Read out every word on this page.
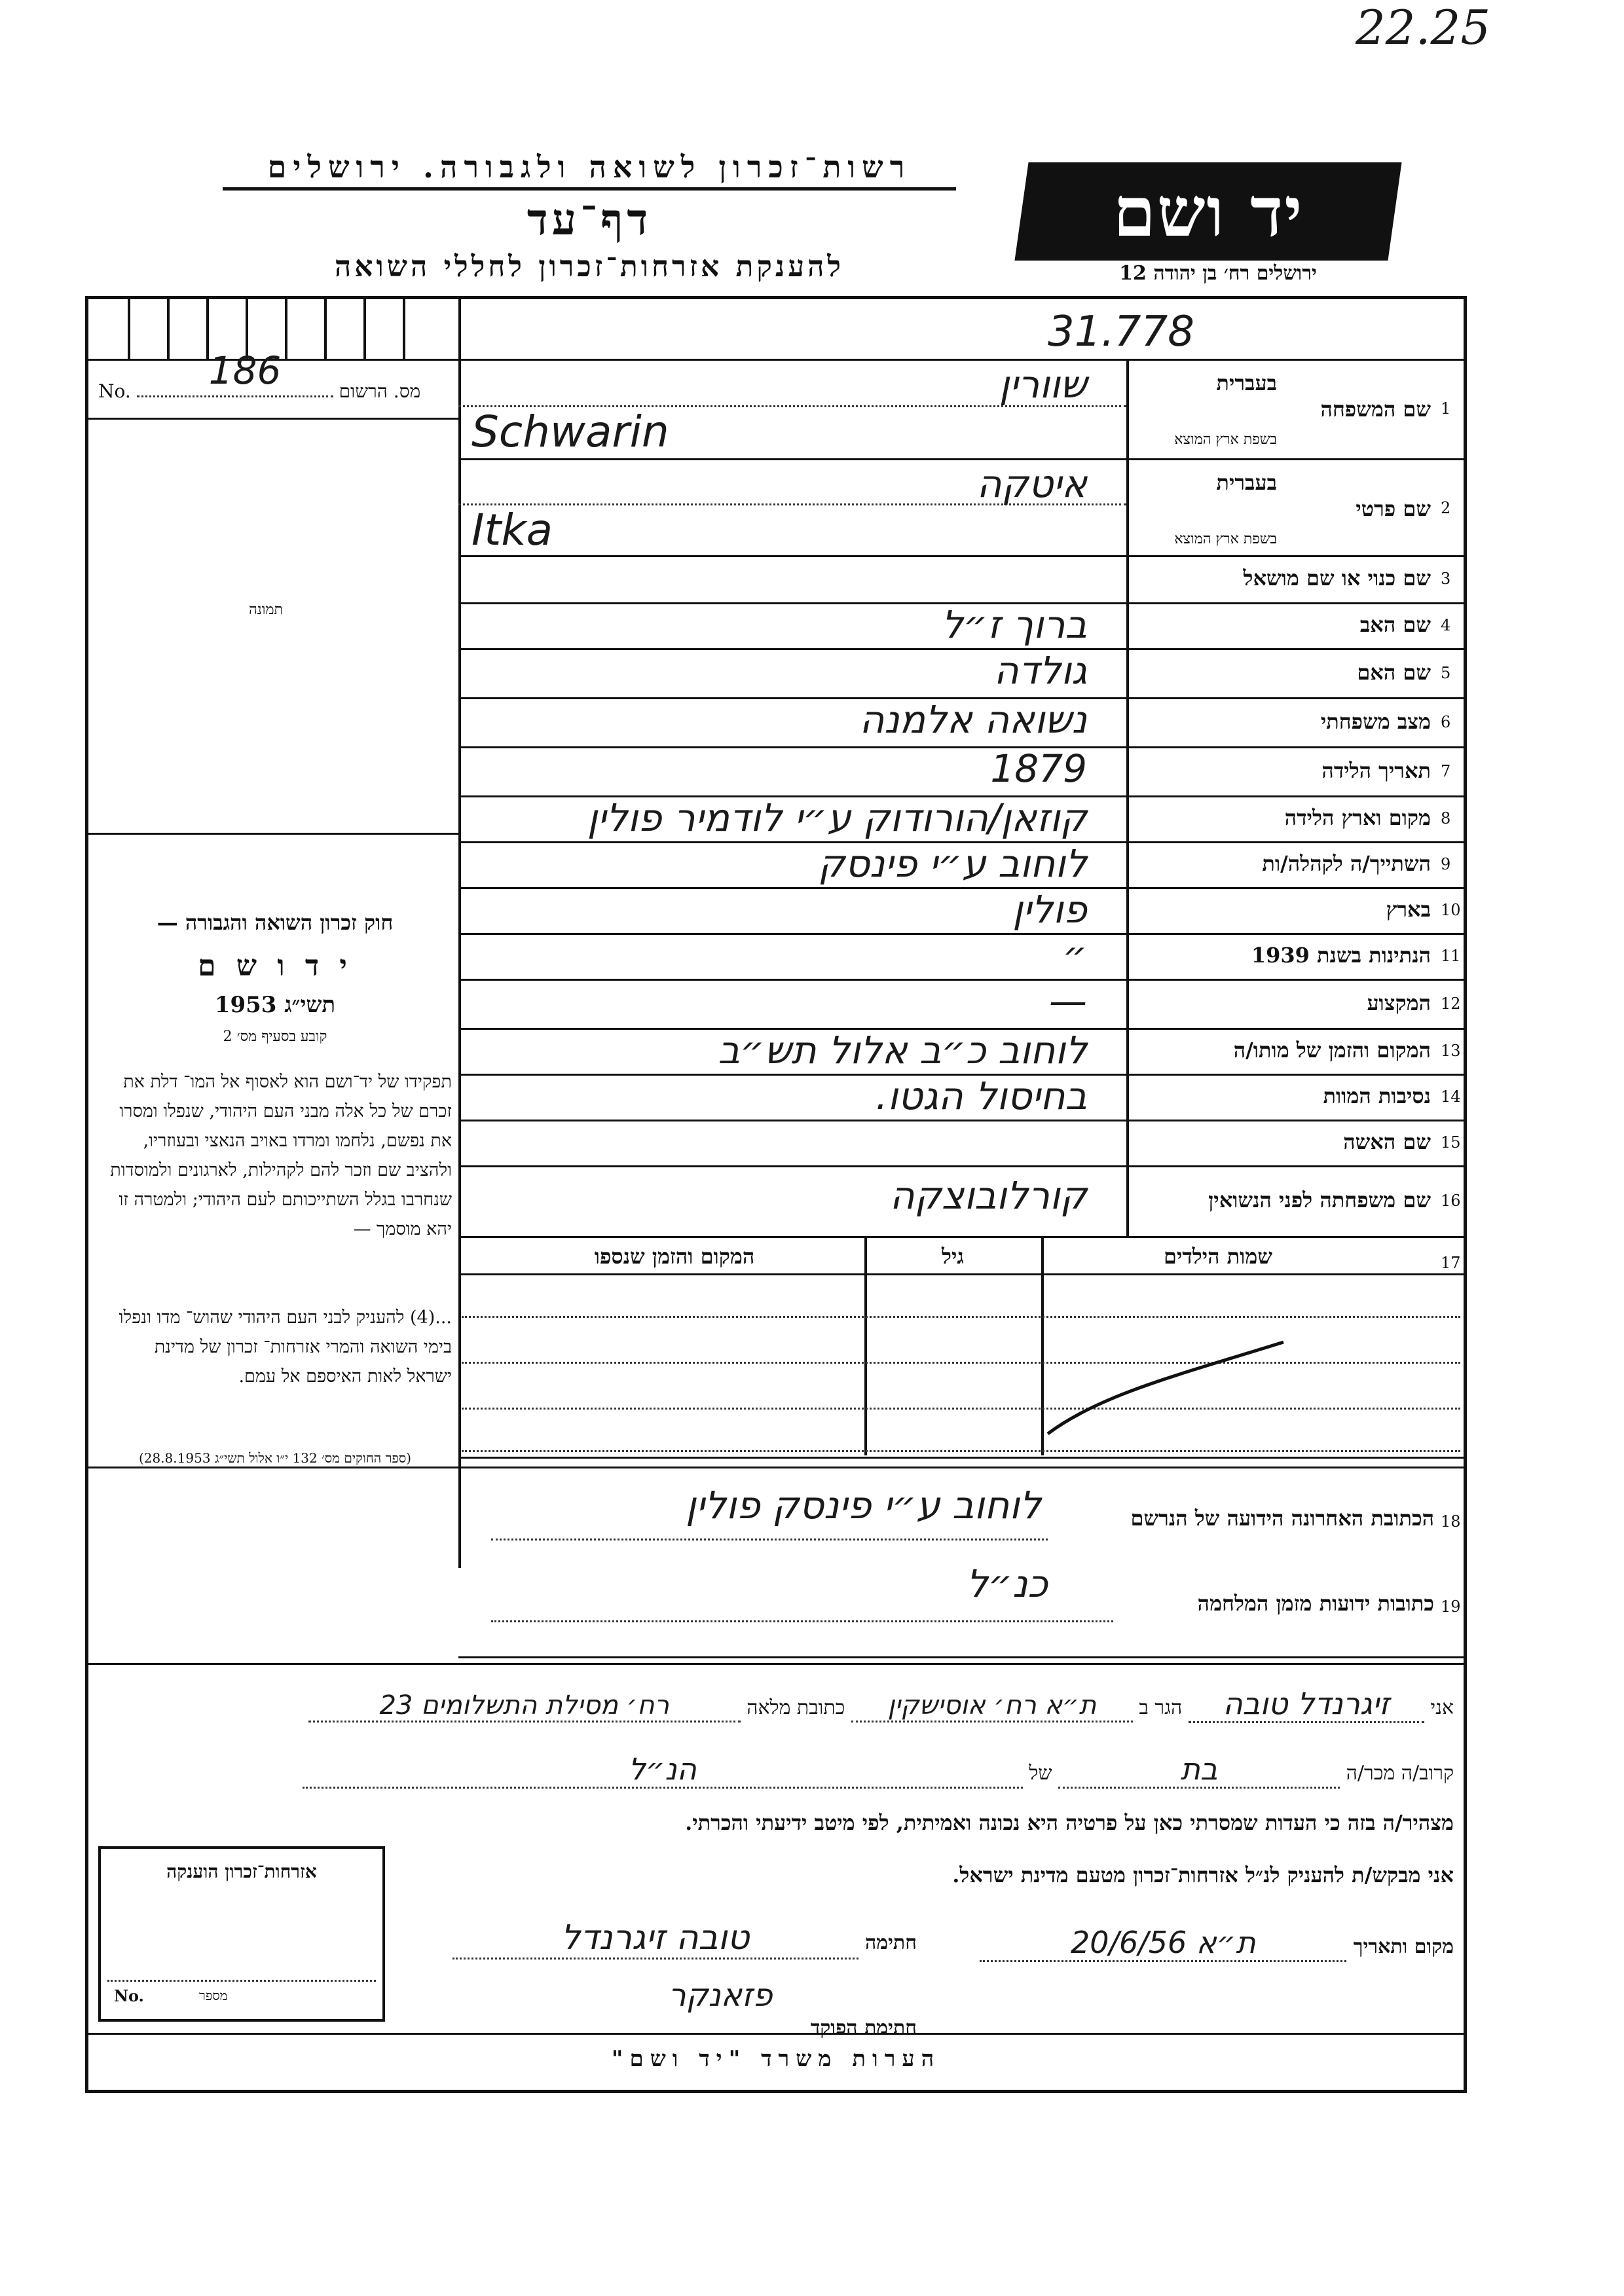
22.25
רשות־זכרון לשואה ולגבורה. ירושלים
דף־עד
להענקת אזרחות־זכרון לחללי השואה
יד ושם
ירושלים רח׳ בן יהודה 12
31.778
No. 186	מס. הרשום
תמונה
חוק זכרון השואה והגבורה —
י ד ו ש ם
תשי״ג 1953
קובע בסעיף מס׳ 2
תפקידו של יד־ושם הוא לאסוף אל המו־ דלת את זכרם של כל אלה מבני העם היהודי, שנפלו ומסרו את נפשם, נלחמו ומרדו באויב הנאצי ובעוזריו, ולהציב שם וזכר להם לקהילות, לארגונים ולמוסדות שנחרבו בגלל השתייכותם לעם היהודי; ולמטרה זו יהא מוסמך —
...(4) להעניק לבני העם היהודי שהוש־ מדו ונפלו בימי השואה והמרי אזרחות־ זכרון של מדינת ישראל לאות האיספם אל עמם.
(ספר החוקים מס׳ 132 י״ו אלול תשי״ג 28.8.1953)
1
שם המשפחה
בעברית
בשפת ארץ המוצא
שוורין
Schwarin
2
שם פרטי
בעברית
בשפת ארץ המוצא
איטקה
Itka
3
שם כנוי או שם מושאל
4
שם האב
ברוך ז״ל
5
שם האם
גולדה
6
מצב משפחתי
נשואה אלמנה
7
תאריך הלידה
1879
8
מקום וארץ הלידה
קוזאן/הורודוק ע״י לודמיר פולין
9
השתייך/ה לקהלה/ות
לוחוב ע״י פינסק
10
בארץ
פולין
11
הנתינות בשנת 1939
״
12
המקצוע
—
13
המקום והזמן של מותו/ה
לוחוב כ״ב אלול תש״ב
14
נסיבות המוות
בחיסול הגטו.
15
שם האשה
16
שם משפחתה לפני הנשואין
קורלובוצקה
17
שמות הילדים
גיל
המקום והזמן שנספו
18
הכתובת האחרונה הידועה של הנרשם
לוחוב ע״י פינסק פולין
19
כתובות ידועות מזמן המלחמה
כנ״ל
אני זיגרנדל טובה הגר ב ת״א רח׳ אוסישקין כתובת מלאה רח׳ מסילת התשלומים 23
קרוב/ה מכר/ה בת של הנ״ל
מצהיר/ה בזה כי העדות שמסרתי כאן על פרטיה היא נכונה ואמיתית, לפי מיטב ידיעתי והכרתי.
אני מבקש/ת להעניק לנ״ל אזרחות־זכרון מטעם מדינת ישראל.
מקום ותאריך ת״א 20/6/56
חתימה טובה זיגרנדל
פזאנקר
חתימת הפוקד
אזרחות־זכרון הוענקה
No.	מספר
הערות משרד "יד ושם"
